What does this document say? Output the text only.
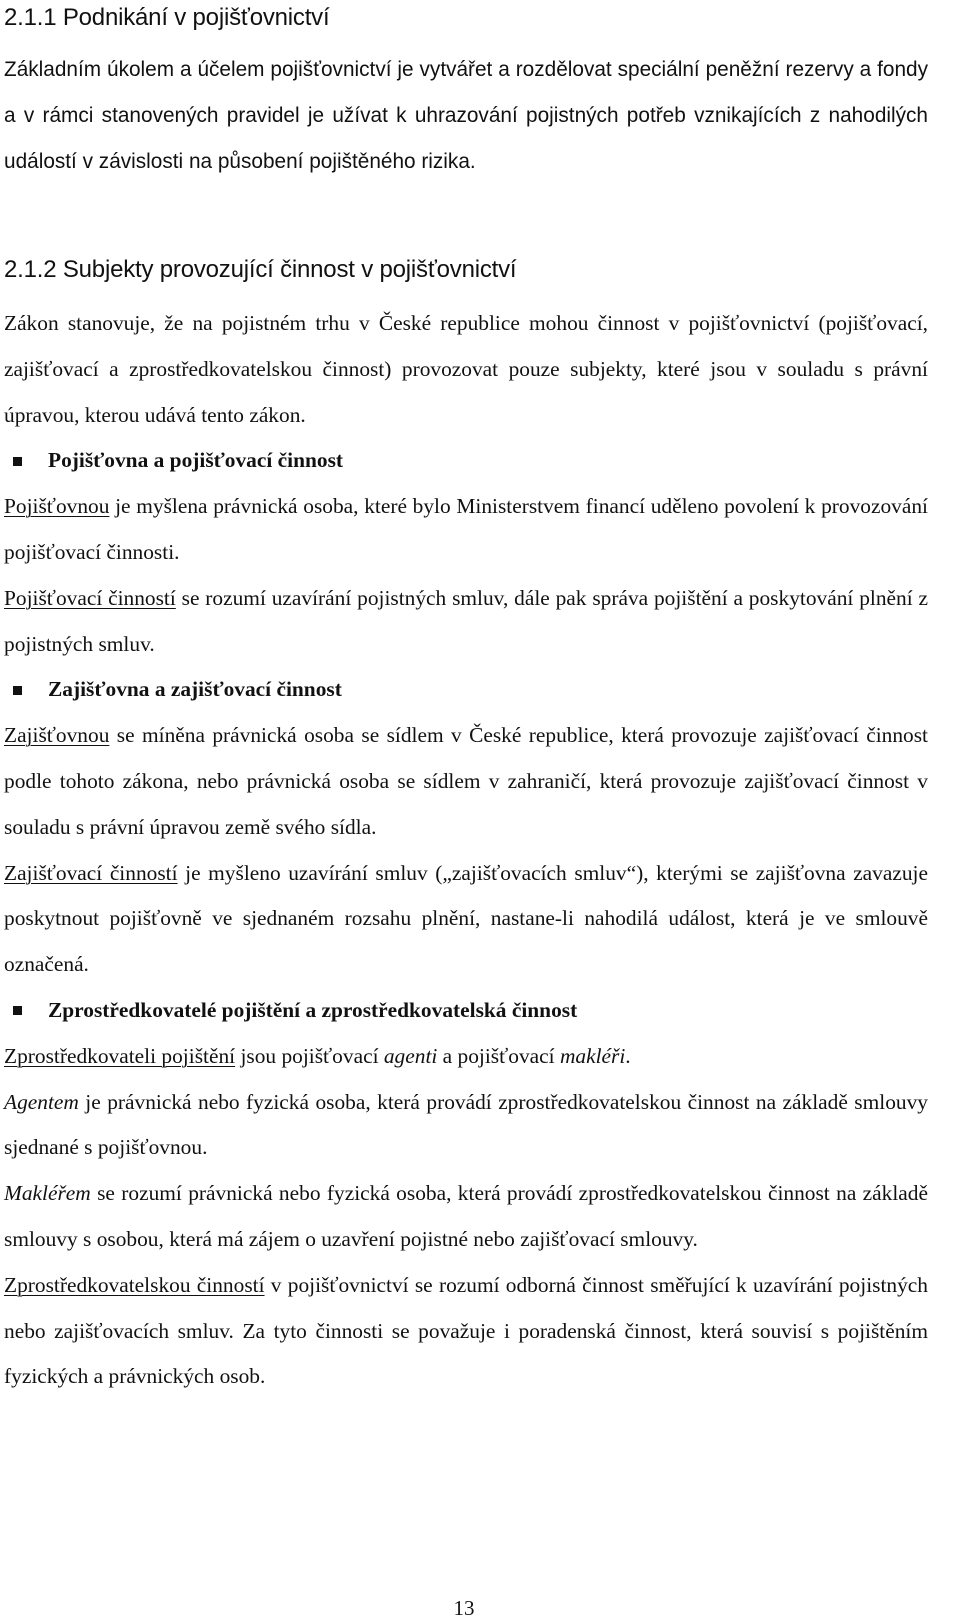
2.1.1 Podnikání v pojišťovnictví

Základním úkolem a účelem pojišťovnictví je vytvářet a rozdělovat speciální peněžní rezervy a fondy a v rámci stanovených pravidel je užívat k uhrazování pojistných potřeb vznikajících z nahodilých událostí v závislosti na působení pojištěného rizika.

2.1.2 Subjekty provozující činnost v pojišťovnictví

Zákon stanovuje, že na pojistném trhu v České republice mohou činnost v pojišťovnictví (pojišťovací, zajišťovací a zprostředkovatelskou činnost) provozovat pouze subjekty, které jsou v souladu s právní úpravou, kterou udává tento zákon.

Pojišťovna a pojišťovací činnost

Pojišťovnou je myšlena právnická osoba, které bylo Ministerstvem financí uděleno povolení k provozování pojišťovací činnosti.

Pojišťovací činností se rozumí uzavírání pojistných smluv, dále pak správa pojištění a poskytování plnění z pojistných smluv.

Zajišťovna a zajišťovací činnost

Zajišťovnou se míněna právnická osoba se sídlem v České republice, která provozuje zajišťovací činnost podle tohoto zákona, nebo právnická osoba se sídlem v zahraničí, která provozuje zajišťovací činnost v souladu s právní úpravou země svého sídla.

Zajišťovací činností je myšleno uzavírání smluv („zajišťovacích smluv“), kterými se zajišťovna zavazuje poskytnout pojišťovně ve sjednaném rozsahu plnění, nastane-li nahodilá událost, která je ve smlouvě označená.

Zprostředkovatelé pojištění a zprostředkovatelská činnost

Zprostředkovateli pojištění jsou pojišťovací agenti a pojišťovací makléři.

Agentem je právnická nebo fyzická osoba, která provádí zprostředkovatelskou činnost na základě smlouvy sjednané s pojišťovnou.

Makléřem se rozumí právnická nebo fyzická osoba, která provádí zprostředkovatelskou činnost na základě smlouvy s osobou, která má zájem o uzavření pojistné nebo zajišťovací smlouvy.

Zprostředkovatelskou činností v pojišťovnictví se rozumí odborná činnost směřující k uzavírání pojistných nebo zajišťovacích smluv. Za tyto činnosti se považuje i poradenská činnost, která souvisí s pojištěním fyzických a právnických osob.

13
